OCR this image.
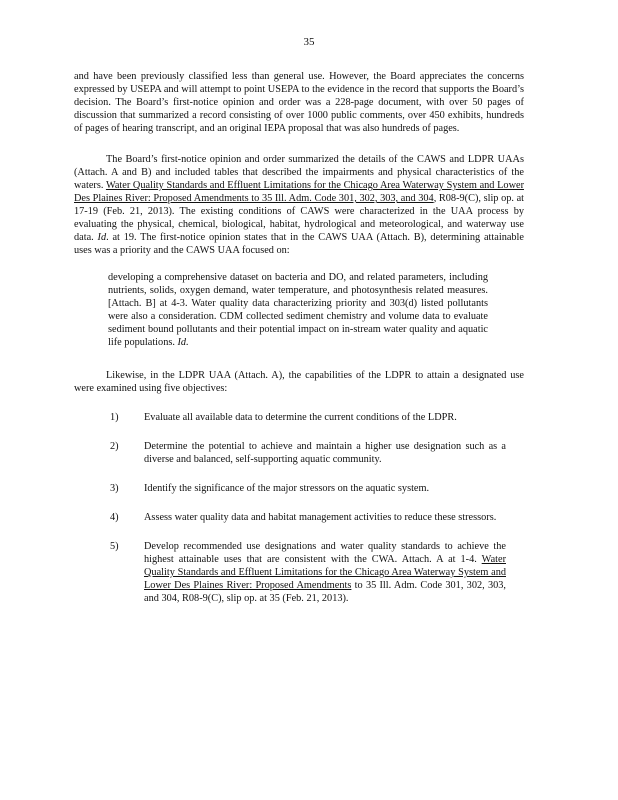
35

and have been previously classified less than general use. However, the Board appreciates the concerns expressed by USEPA and will attempt to point USEPA to the evidence in the record that supports the Board’s decision. The Board’s first-notice opinion and order was a 228-page document, with over 50 pages of discussion that summarized a record consisting of over 1000 public comments, over 450 exhibits, hundreds of pages of hearing transcript, and an original IEPA proposal that was also hundreds of pages.

The Board’s first-notice opinion and order summarized the details of the CAWS and LDPR UAAs (Attach. A and B) and included tables that described the impairments and physical characteristics of the waters. Water Quality Standards and Effluent Limitations for the Chicago Area Waterway System and Lower Des Plaines River: Proposed Amendments to 35 Ill. Adm. Code 301, 302, 303, and 304, R08-9(C), slip op. at 17-19 (Feb. 21, 2013). The existing conditions of CAWS were characterized in the UAA process by evaluating the physical, chemical, biological, habitat, hydrological and meteorological, and waterway use data. Id. at 19. The first-notice opinion states that in the CAWS UAA (Attach. B), determining attainable uses was a priority and the CAWS UAA focused on:

developing a comprehensive dataset on bacteria and DO, and related parameters, including nutrients, solids, oxygen demand, water temperature, and photosynthesis related measures. [Attach. B] at 4-3. Water quality data characterizing priority and 303(d) listed pollutants were also a consideration. CDM collected sediment chemistry and volume data to evaluate sediment bound pollutants and their potential impact on in-stream water quality and aquatic life populations. Id.

Likewise, in the LDPR UAA (Attach. A), the capabilities of the LDPR to attain a designated use were examined using five objectives:

1)	Evaluate all available data to determine the current conditions of the LDPR.
2)	Determine the potential to achieve and maintain a higher use designation such as a diverse and balanced, self-supporting aquatic community.
3)	Identify the significance of the major stressors on the aquatic system.
4)	Assess water quality data and habitat management activities to reduce these stressors.
5)	Develop recommended use designations and water quality standards to achieve the highest attainable uses that are consistent with the CWA. Attach. A at 1-4. Water Quality Standards and Effluent Limitations for the Chicago Area Waterway System and Lower Des Plaines River: Proposed Amendments to 35 Ill. Adm. Code 301, 302, 303, and 304, R08-9(C), slip op. at 35 (Feb. 21, 2013).
